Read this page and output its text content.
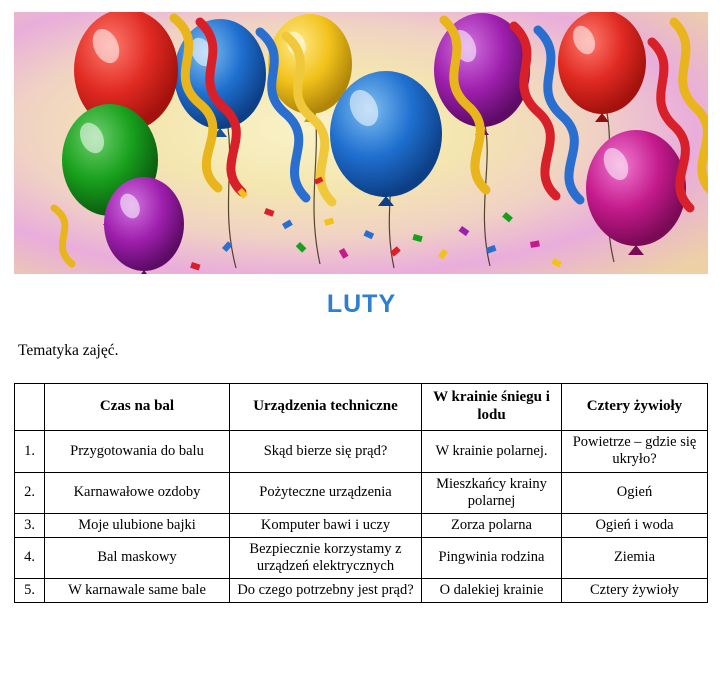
LUTY
Tematyka zajęć.
	Czas na bal	Urządzenia techniczne	W krainie śniegu i lodu	Cztery żywioły
1.	Przygotowania do balu	Skąd bierze się prąd?	W krainie polarnej.	Powietrze – gdzie się ukryło?
2.	Karnawałowe ozdoby	Pożyteczne urządzenia	Mieszkańcy krainy polarnej	Ogień
3.	Moje ulubione bajki	Komputer bawi i uczy	Zorza polarna	Ogień i woda
4.	Bal maskowy	Bezpiecznie korzystamy z urządzeń elektrycznych	Pingwinia rodzina	Ziemia
5.	W karnawale same bale	Do czego potrzebny jest prąd?	O dalekiej krainie	Cztery żywioły
